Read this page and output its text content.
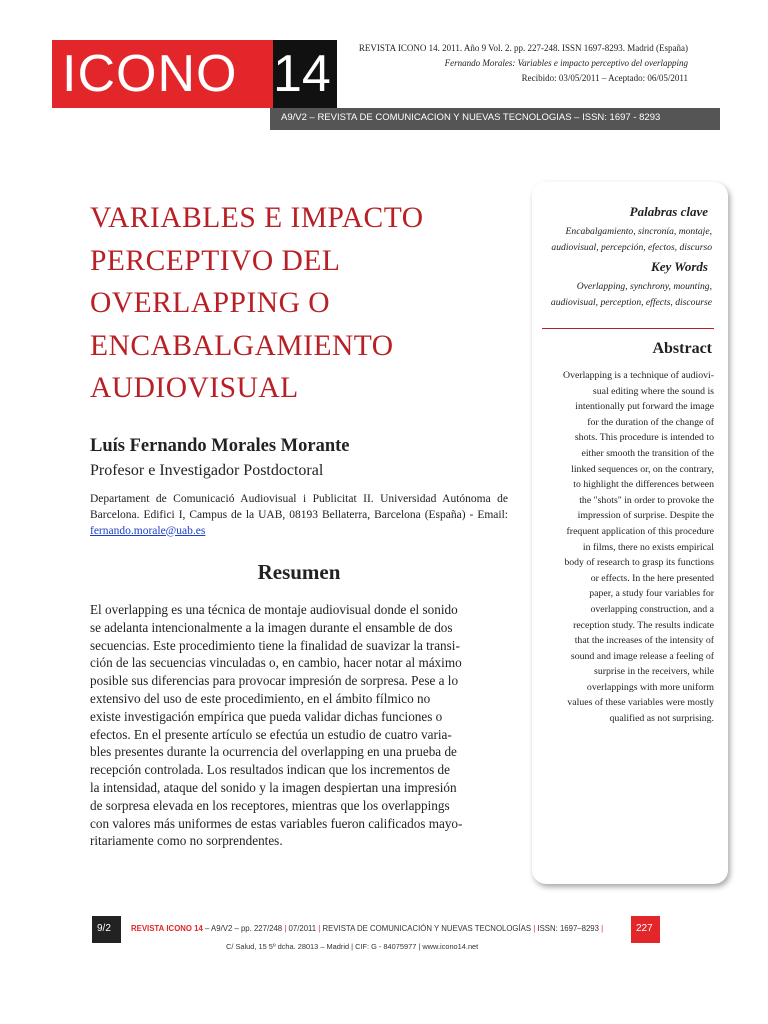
ICONO 14	REVISTA ICONO 14. 2011. Año 9 Vol. 2. pp. 227-248. ISSN 1697-8293. Madrid (España)
Fernando Morales: Variables e impacto perceptivo del overlapping
Recibido: 03/05/2011 – Aceptado: 06/05/2011
A9/V2 – REVISTA DE COMUNICACION Y NUEVAS TECNOLOGIAS – ISSN: 1697 - 8293
VARIABLES E IMPACTO
PERCEPTIVO DEL
OVERLAPPING O
ENCABALGAMIENTO
AUDIOVISUAL
Luís Fernando Morales Morante
Profesor e Investigador Postdoctoral
Departament de Comunicació Audiovisual i Publicitat II. Universidad Autónoma de Barcelona. Edifici I, Campus de la UAB, 08193 Bellaterra, Barcelona (España) - Email: fernando.morale@uab.es
Resumen
El overlapping es una técnica de montaje audiovisual donde el sonido
se adelanta intencionalmente a la imagen durante el ensamble de dos
secuencias. Este procedimiento tiene la finalidad de suavizar la transi-
ción de las secuencias vinculadas o, en cambio, hacer notar al máximo
posible sus diferencias para provocar impresión de sorpresa. Pese a lo
extensivo del uso de este procedimiento, en el ámbito fílmico no
existe investigación empírica que pueda validar dichas funciones o
efectos. En el presente artículo se efectúa un estudio de cuatro varia-
bles presentes durante la ocurrencia del overlapping en una prueba de
recepción controlada. Los resultados indican que los incrementos de
la intensidad, ataque del sonido y la imagen despiertan una impresión
de sorpresa elevada en los receptores, mientras que los overlappings
con valores más uniformes de estas variables fueron calificados mayo-
ritariamente como no sorprendentes.
Palabras clave
Encabalgamiento, sincronía, montaje,
audiovisual, percepción, efectos, discurso
Key Words
Overlapping, synchrony, mounting,
audiovisual, perception, effects, discourse
Abstract
Overlapping is a technique of audiovi-
sual editing where the sound is
intentionally put forward the image
for the duration of the change of
shots. This procedure is intended to
either smooth the transition of the
linked sequences or, on the contrary,
to highlight the differences between
the "shots" in order to provoke the
impression of surprise. Despite the
frequent application of this procedure
in films, there no exists empirical
body of research to grasp its functions
or effects. In the here presented
paper, a study four variables for
overlapping construction, and a
reception study. The results indicate
that the increases of the intensity of
sound and image release a feeling of
surprise in the receivers, while
overlappings with more uniform
values of these variables were mostly
qualified as not surprising.
9/2	REVISTA ICONO 14 – A9/V2 – pp. 227/248 | 07/2011 | REVISTA DE COMUNICACIÓN Y NUEVAS TECNOLOGÍAS | ISSN: 1697–8293 |	227
C/ Salud, 15 5º dcha. 28013 – Madrid | CIF: G - 84075977 | www.icono14.net
